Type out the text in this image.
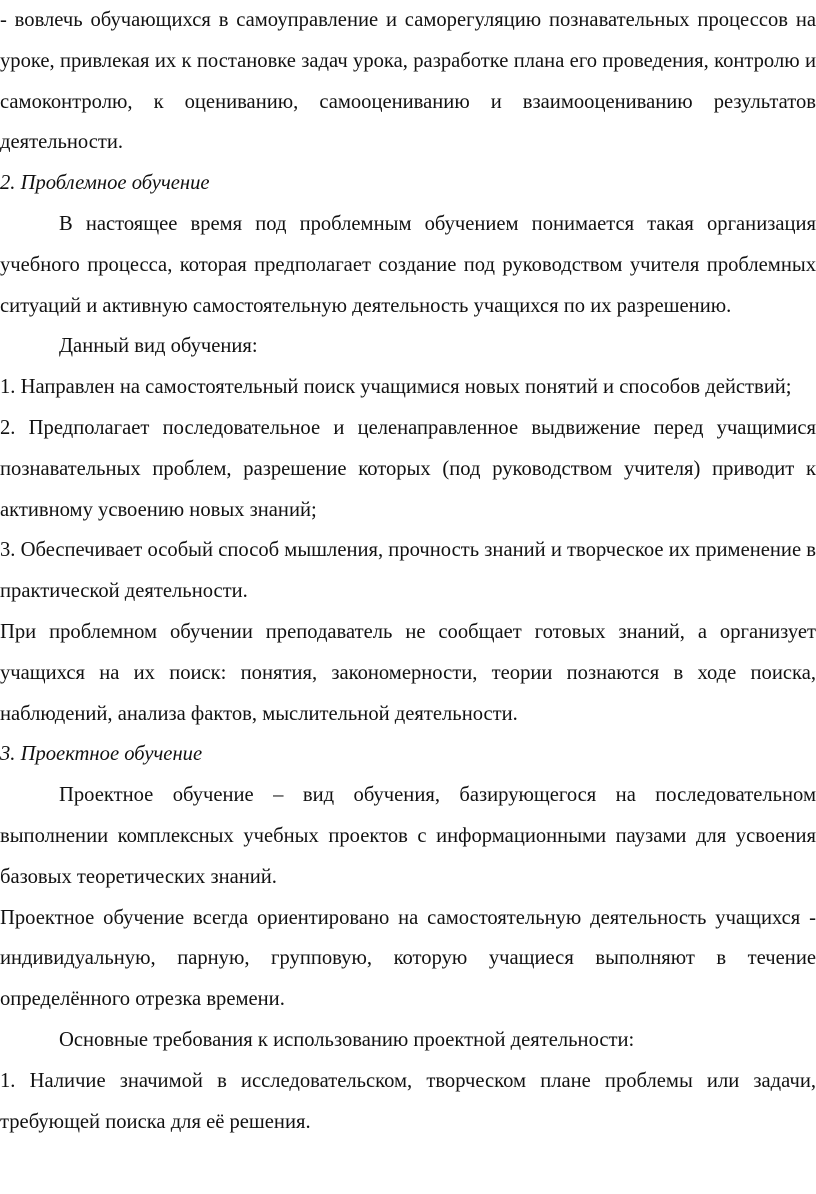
- вовлечь обучающихся в самоуправление и саморегуляцию познавательных процессов на уроке, привлекая их к постановке задач урока, разработке плана его проведения, контролю и самоконтролю, к оцениванию, самооцениванию и взаимооцениванию результатов деятельности.

2. Проблемное обучение

В настоящее время под проблемным обучением понимается такая организация учебного процесса, которая предполагает создание под руководством учителя проблемных ситуаций и активную самостоятельную деятельность учащихся по их разрешению.

Данный вид обучения:

1. Направлен на самостоятельный поиск учащимися новых понятий и способов действий;

2. Предполагает последовательное и целенаправленное выдвижение перед учащимися познавательных проблем, разрешение которых (под руководством учителя) приводит к активному усвоению новых знаний;

3. Обеспечивает особый способ мышления, прочность знаний и творческое их применение в практической деятельности.

При проблемном обучении преподаватель не сообщает готовых знаний, а организует учащихся на их поиск: понятия, закономерности, теории познаются в ходе поиска, наблюдений, анализа фактов, мыслительной деятельности.

3. Проектное обучение

Проектное обучение – вид обучения, базирующегося на последовательном выполнении комплексных учебных проектов с информационными паузами для усвоения базовых теоретических знаний.

Проектное обучение всегда ориентировано на самостоятельную деятельность учащихся - индивидуальную, парную, групповую, которую учащиеся выполняют в течение определённого отрезка времени.

Основные требования к использованию проектной деятельности:

1. Наличие значимой в исследовательском, творческом плане проблемы или задачи, требующей поиска для её решения.
